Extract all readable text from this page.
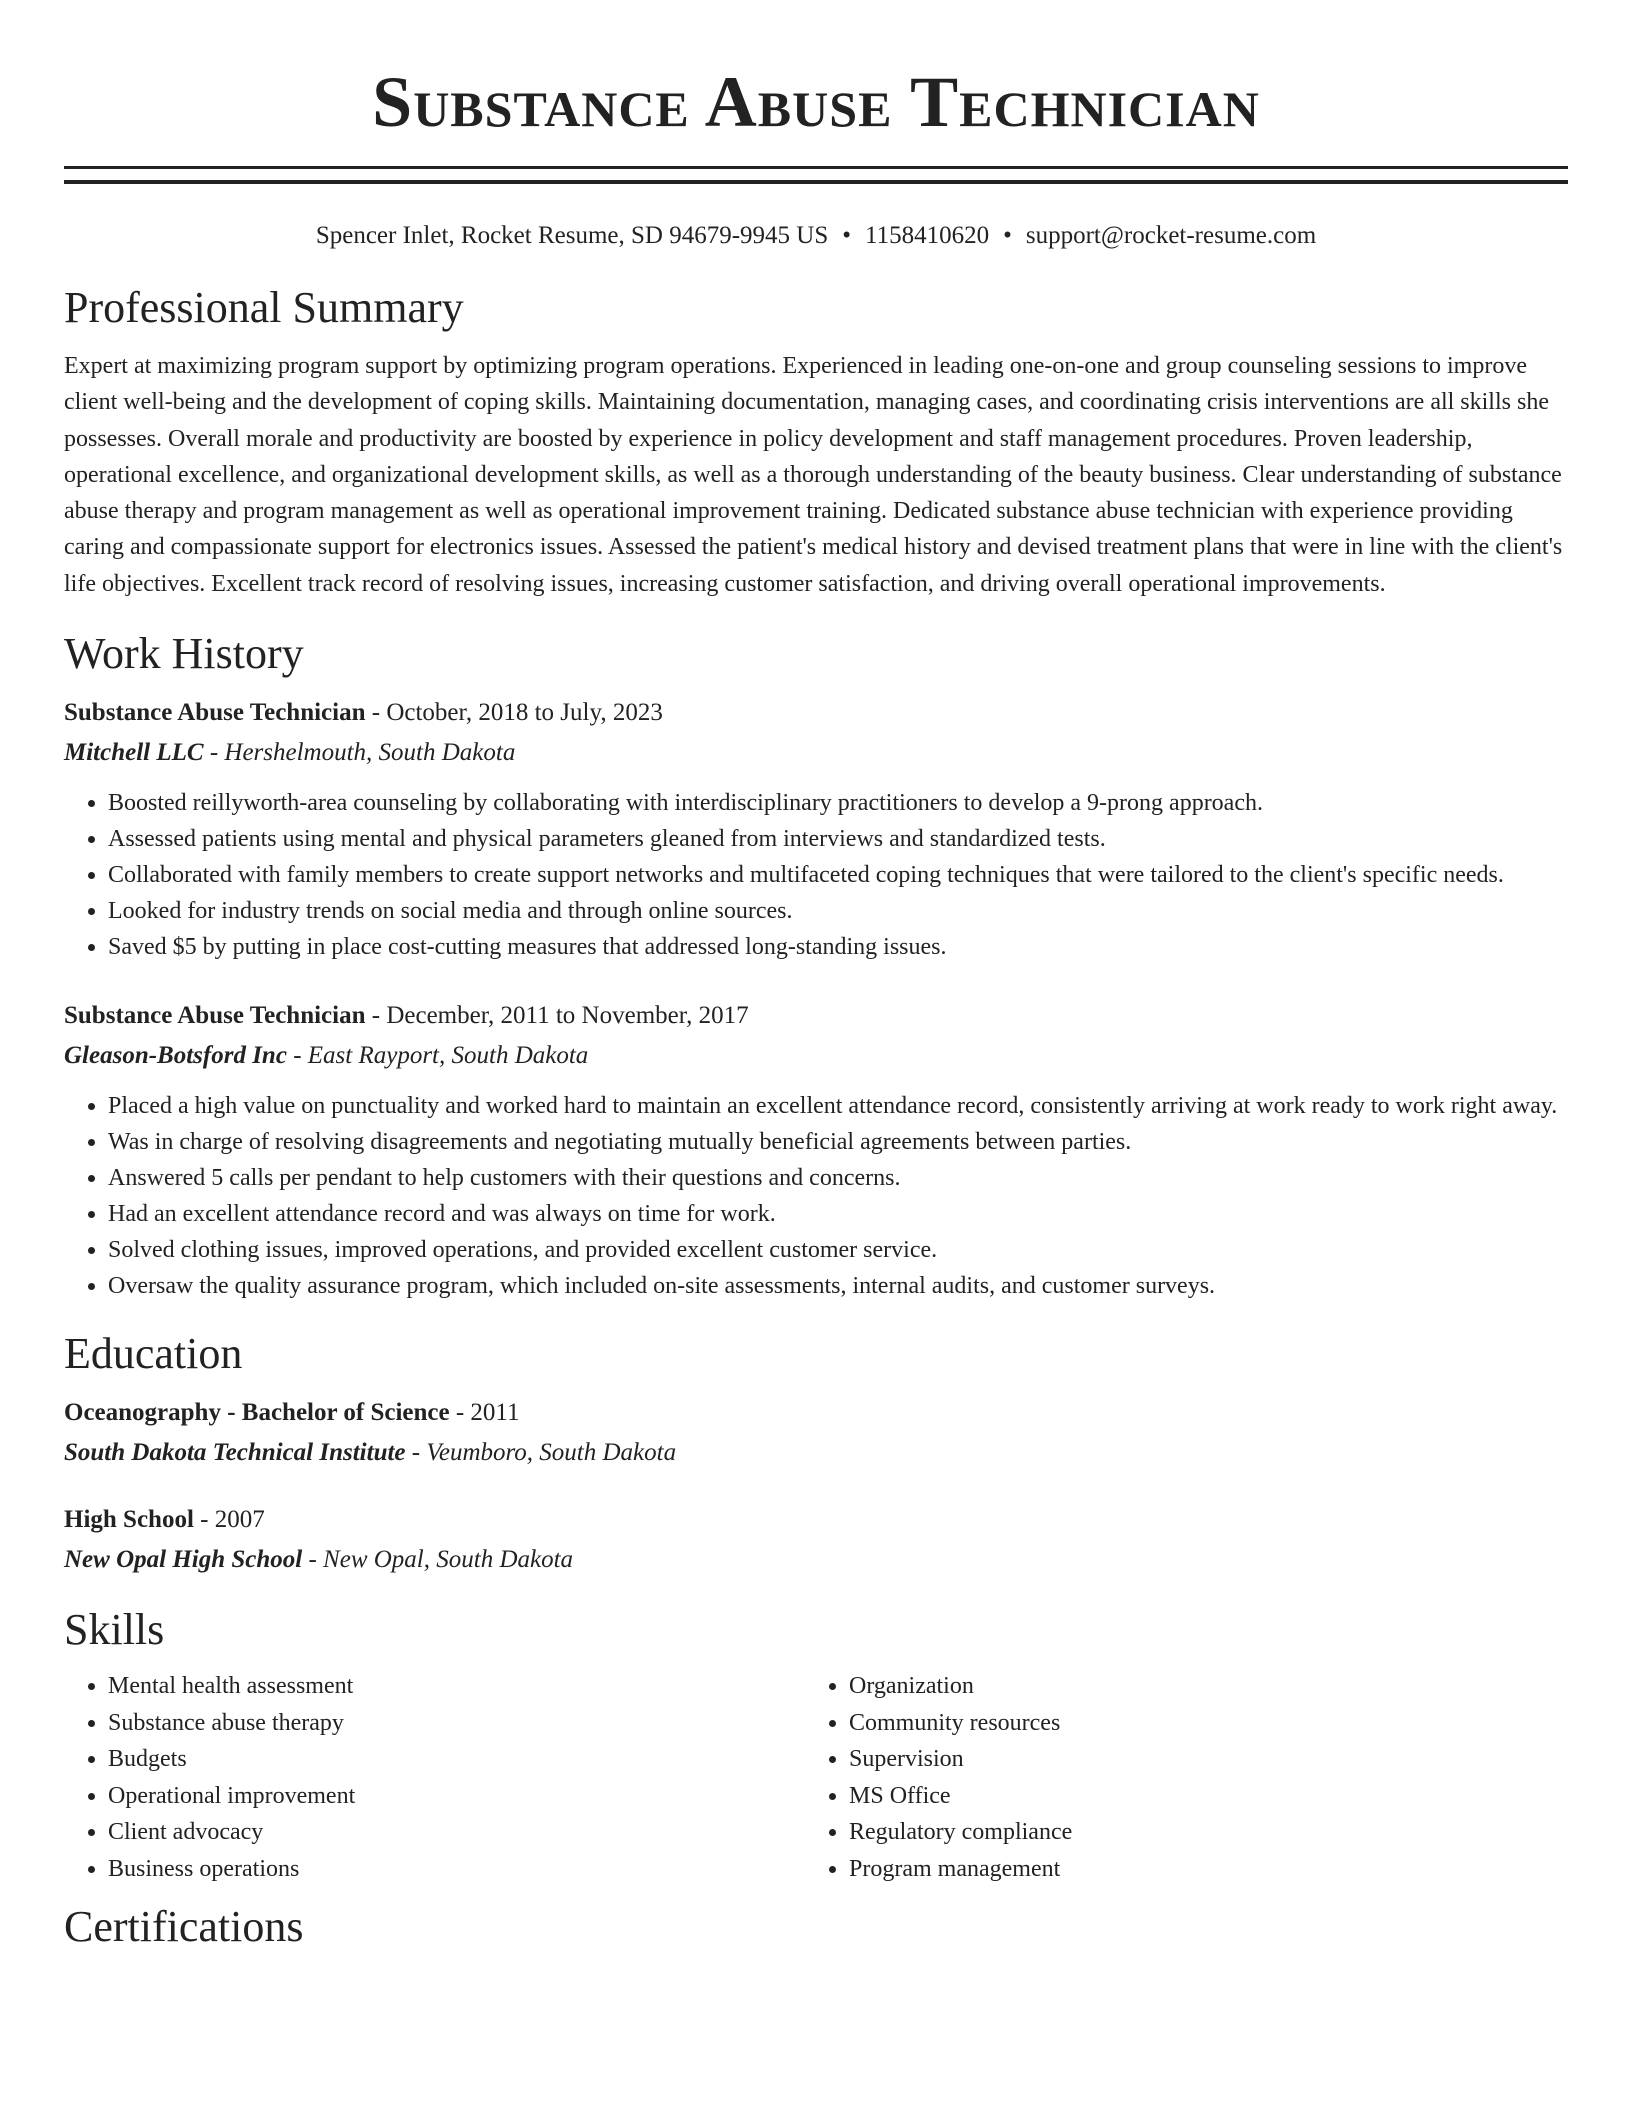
Substance Abuse Technician
Spencer Inlet, Rocket Resume, SD 94679-9945 US • 1158410620 • support@rocket-resume.com
Professional Summary
Expert at maximizing program support by optimizing program operations. Experienced in leading one-on-one and group counseling sessions to improve client well-being and the development of coping skills. Maintaining documentation, managing cases, and coordinating crisis interventions are all skills she possesses. Overall morale and productivity are boosted by experience in policy development and staff management procedures. Proven leadership, operational excellence, and organizational development skills, as well as a thorough understanding of the beauty business. Clear understanding of substance abuse therapy and program management as well as operational improvement training. Dedicated substance abuse technician with experience providing caring and compassionate support for electronics issues. Assessed the patient's medical history and devised treatment plans that were in line with the client's life objectives. Excellent track record of resolving issues, increasing customer satisfaction, and driving overall operational improvements.
Work History
Substance Abuse Technician - October, 2018 to July, 2023
Mitchell LLC - Hershelmouth, South Dakota
• Boosted reillyworth-area counseling by collaborating with interdisciplinary practitioners to develop a 9-prong approach.
• Assessed patients using mental and physical parameters gleaned from interviews and standardized tests.
• Collaborated with family members to create support networks and multifaceted coping techniques that were tailored to the client's specific needs.
• Looked for industry trends on social media and through online sources.
• Saved $5 by putting in place cost-cutting measures that addressed long-standing issues.
Substance Abuse Technician - December, 2011 to November, 2017
Gleason-Botsford Inc - East Rayport, South Dakota
• Placed a high value on punctuality and worked hard to maintain an excellent attendance record, consistently arriving at work ready to work right away.
• Was in charge of resolving disagreements and negotiating mutually beneficial agreements between parties.
• Answered 5 calls per pendant to help customers with their questions and concerns.
• Had an excellent attendance record and was always on time for work.
• Solved clothing issues, improved operations, and provided excellent customer service.
• Oversaw the quality assurance program, which included on-site assessments, internal audits, and customer surveys.
Education
Oceanography - Bachelor of Science - 2011
South Dakota Technical Institute - Veumboro, South Dakota
High School - 2007
New Opal High School - New Opal, South Dakota
Skills
• Mental health assessment
• Substance abuse therapy
• Budgets
• Operational improvement
• Client advocacy
• Business operations
• Organization
• Community resources
• Supervision
• MS Office
• Regulatory compliance
• Program management
Certifications
